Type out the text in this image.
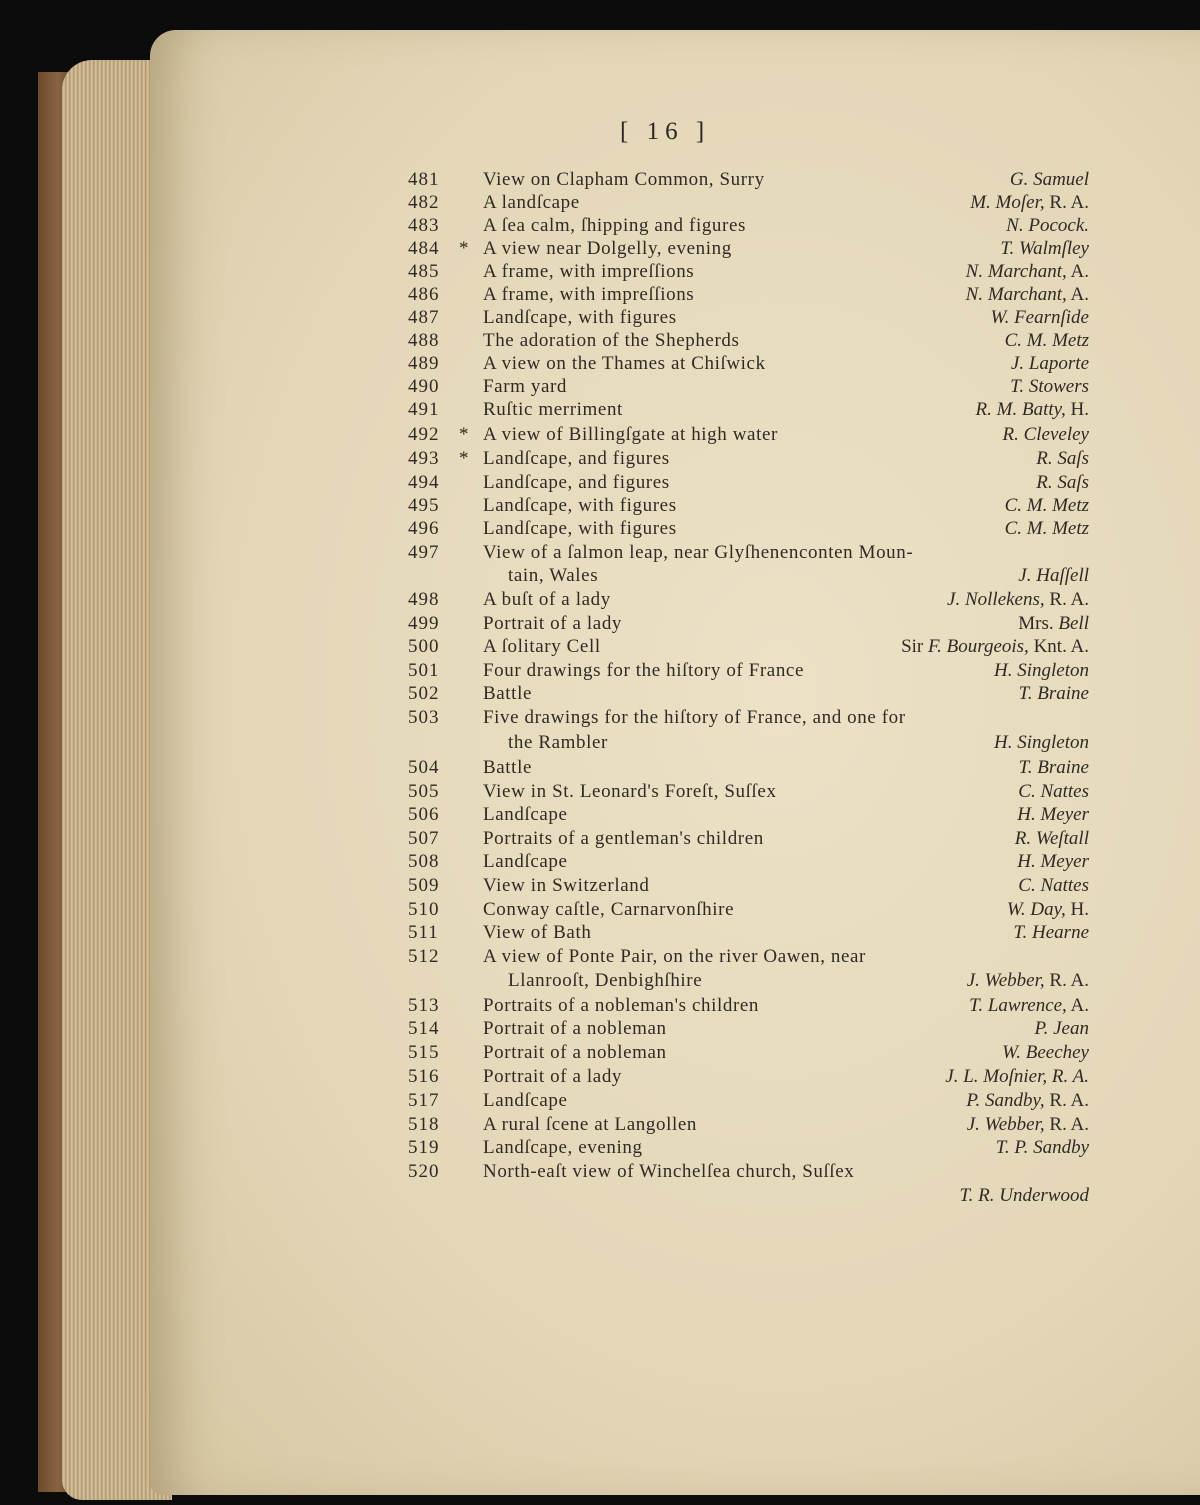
[ 16 ]
481 View on Clapham Common, Surry	G. Samuel
482 A landſcape	M. Moſer, R. A.
483 A ſea calm, ſhipping and figures	N. Pocock.
484 * A view near Dolgelly, evening	T. Walmſley
485 A frame, with impreſſions	N. Marchant, A.
486 A frame, with impreſſions	N. Marchant, A.
487 Landſcape, with figures	W. Fearnſide
488 The adoration of the Shepherds	C. M. Metz
489 A view on the Thames at Chiſwick	J. Laporte
490 Farm yard	T. Stowers
491 Ruſtic merriment	R. M. Batty, H.
492 * A view of Billingſgate at high water	R. Cleveley
493 * Landſcape, and figures	R. Saſs
494 Landſcape, and figures	R. Saſs
495 Landſcape, with figures	C. M. Metz
496 Landſcape, with figures	C. M. Metz
497 View of a ſalmon leap, near Glyſhenenconten Moun-
tain, Wales	J. Haſſell
498 A buſt of a lady	J. Nollekens, R. A.
499 Portrait of a lady	Mrs. Bell
500 A ſolitary Cell	Sir F. Bourgeois, Knt. A.
501 Four drawings for the hiſtory of France	H. Singleton
502 Battle	T. Braine
503 Five drawings for the hiſtory of France, and one for
the Rambler	H. Singleton
504 Battle	T. Braine
505 View in St. Leonard's Foreſt, Suſſex	C. Nattes
506 Landſcape	H. Meyer
507 Portraits of a gentleman's children	R. Weſtall
508 Landſcape	H. Meyer
509 View in Switzerland	C. Nattes
510 Conway caſtle, Carnarvonſhire	W. Day, H.
511 View of Bath	T. Hearne
512 A view of Ponte Pair, on the river Oawen, near
Llanrooſt, Denbighſhire	J. Webber, R. A.
513 Portraits of a nobleman's children	T. Lawrence, A.
514 Portrait of a nobleman	P. Jean
515 Portrait of a nobleman	W. Beechey
516 Portrait of a lady	J. L. Moſnier, R. A.
517 Landſcape	P. Sandby, R. A.
518 A rural ſcene at Langollen	J. Webber, R. A.
519 Landſcape, evening	T. P. Sandby
520 North-eaſt view of Winchelſea church, Suſſex
T. R. Underwood
